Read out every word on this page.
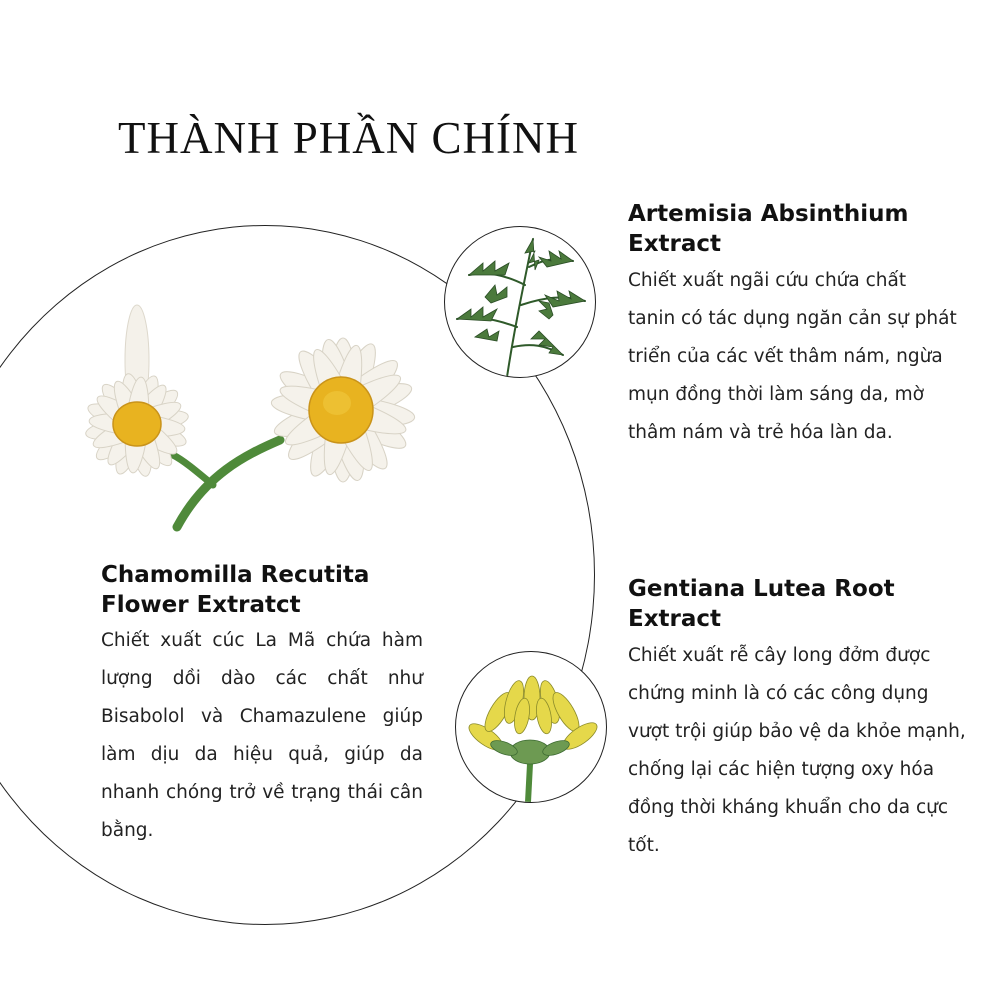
THÀNH PHẦN CHÍNH
Artemisia Absinthium Extract

Chiết xuất ngãi cứu chứa chất tanin có tác dụng ngăn cản sự phát triển của các vết thâm nám, ngừa mụn đồng thời làm sáng da, mờ thâm nám và trẻ hóa làn da.

Gentiana Lutea Root Extract

Chiết xuất rễ cây long đởm được chứng minh là có các công dụng vượt trội giúp bảo vệ da khỏe mạnh, chống lại các hiện tượng oxy hóa đồng thời kháng khuẩn cho da cực tốt.

Chamomilla Recutita Flower Extratct

Chiết xuất cúc La Mã chứa hàm lượng dồi dào các chất như Bisabolol và Chamazulene giúp làm dịu da hiệu quả, giúp da nhanh chóng trở về trạng thái cân bằng.
